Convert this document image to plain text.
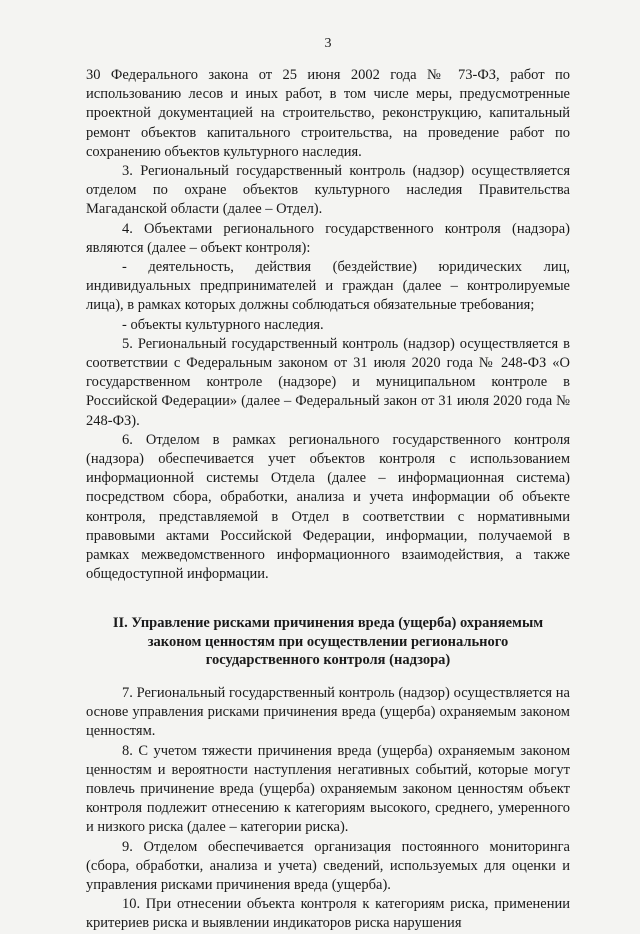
3

30 Федерального закона от 25 июня 2002 года № 73-ФЗ, работ по использованию лесов и иных работ, в том числе меры, предусмотренные проектной документацией на строительство, реконструкцию, капитальный ремонт объектов капитального строительства, на проведение работ по сохранению объектов культурного наследия.

3. Региональный государственный контроль (надзор) осуществляется отделом по охране объектов культурного наследия Правительства Магаданской области (далее – Отдел).

4. Объектами регионального государственного контроля (надзора) являются (далее – объект контроля):

- деятельность, действия (бездействие) юридических лиц, индивидуальных предпринимателей и граждан (далее – контролируемые лица), в рамках которых должны соблюдаться обязательные требования;

- объекты культурного наследия.

5. Региональный государственный контроль (надзор) осуществляется в соответствии с Федеральным законом от 31 июля 2020 года № 248-ФЗ «О государственном контроле (надзоре) и муниципальном контроле в Российской Федерации» (далее – Федеральный закон от 31 июля 2020 года № 248-ФЗ).

6. Отделом в рамках регионального государственного контроля (надзора) обеспечивается учет объектов контроля с использованием информационной системы Отдела (далее – информационная система) посредством сбора, обработки, анализа и учета информации об объекте контроля, представляемой в Отдел в соответствии с нормативными правовыми актами Российской Федерации, информации, получаемой в рамках межведомственного информационного взаимодействия, а также общедоступной информации.

II. Управление рисками причинения вреда (ущерба) охраняемым
законом ценностям при осуществлении регионального
государственного контроля (надзора)

7. Региональный государственный контроль (надзор) осуществляется на основе управления рисками причинения вреда (ущерба) охраняемым законом ценностям.

8. С учетом тяжести причинения вреда (ущерба) охраняемым законом ценностям и вероятности наступления негативных событий, которые могут повлечь причинение вреда (ущерба) охраняемым законом ценностям объект контроля подлежит отнесению к категориям высокого, среднего, умеренного и низкого риска (далее – категории риска).

9. Отделом обеспечивается организация постоянного мониторинга (сбора, обработки, анализа и учета) сведений, используемых для оценки и управления рисками причинения вреда (ущерба).

10. При отнесении объекта контроля к категориям риска, применении критериев риска и выявлении индикаторов риска нарушения
